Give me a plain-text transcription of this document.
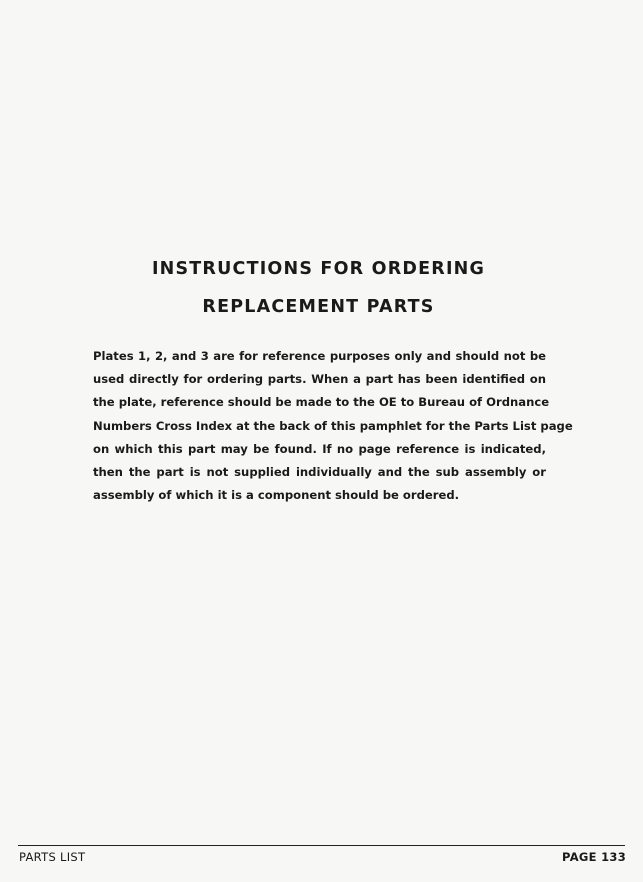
INSTRUCTIONS FOR ORDERING
REPLACEMENT PARTS
Plates 1, 2, and 3 are for reference purposes only and should not be
used directly for ordering parts. When a part has been identified on
the plate, reference should be made to the OE to Bureau of Ordnance
Numbers Cross Index at the back of this pamphlet for the Parts List page
on which this part may be found. If no page reference is indicated,
then the part is not supplied individually and the sub assembly or
assembly of which it is a component should be ordered.
PARTS LIST	PAGE 133
